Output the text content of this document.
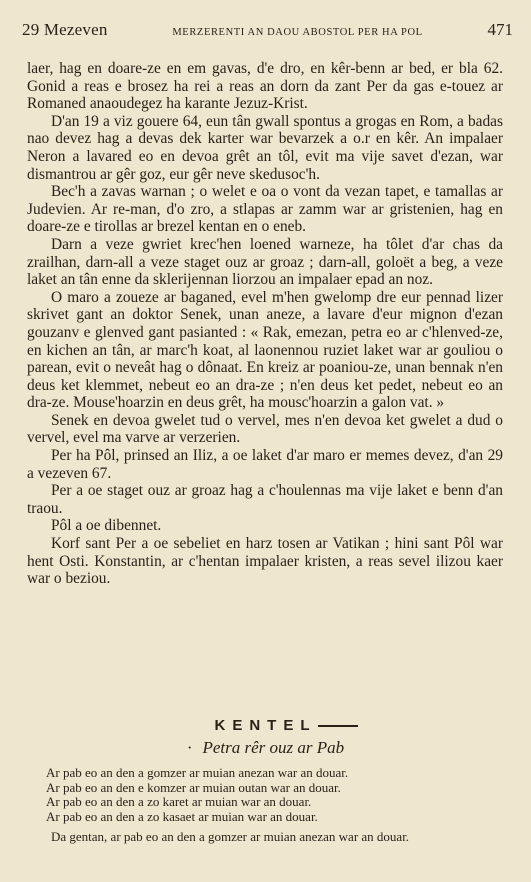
29 Mezeven	MERZERENTI AN DAOU ABOSTOL PER HA POL	471

laer, hag en doare-ze en em gavas, d'e dro, en kêr-benn ar bed, er bla 62. Gonid a reas e brosez ha rei a reas an dorn da zant Per da gas e-touez ar Romaned anaoudegez ha karante Jezuz-Krist.

D'an 19 a viz gouere 64, eun tân gwall spontus a grogas en Rom, a badas nao devez hag a devas dek karter war bevarzek a o.r en kêr. An impalaer Neron a lavared eo en devoa grêt an tôl, evit ma vije savet d'ezan, war dismantrou ar gêr goz, eur gêr neve skedusoc'h.

Bec'h a zavas warnan ; o welet e oa o vont da vezan tapet, e tamallas ar Judevien. Ar re-man, d'o zro, a stlapas ar zamm war ar gristenien, hag en doare-ze e tirollas ar brezel kentan en o eneb.

Darn a veze gwriet krec'hen loened warneze, ha tôlet d'ar chas da zrailhan, darn-all a veze staget ouz ar groaz ; darn-all, goloët a beg, a veze laket an tân enne da sklerijennan liorzou an impalaer epad an noz.

O maro a zoueze ar baganed, evel m'hen gwelomp dre eur pennad lizer skrivet gant an doktor Senek, unan aneze, a lavare d'eur mignon d'ezan gouzanv e glenved gant pasianted : « Rak, emezan, petra eo ar c'hlenved-ze, en kichen an tân, ar marc'h koat, al laonennou ruziet laket war ar gouliou o parean, evit o neveât hag o dônaat. En kreiz ar poaniou-ze, unan bennak n'en deus ket klemmet, nebeut eo an dra-ze ; n'en deus ket pedet, nebeut eo an dra-ze. Mouse'hoarzin en deus grêt, ha mousc'hoarzin a galon vat. »

Senek en devoa gwelet tud o vervel, mes n'en devoa ket gwelet a dud o vervel, evel ma varve ar verzerien.

Per ha Pôl, prinsed an Iliz, a oe laket d'ar maro er memes devez, d'an 29 a vezeven 67.

Per a oe staget ouz ar groaz hag a c'houlennas ma vije laket e benn d'an traou.

Pôl a oe dibennet.

Korf sant Per a oe sebeliet en harz tosen ar Vatikan ; hini sant Pôl war hent Osti. Konstantin, ar c'hentan impalaer kristen, a reas sevel ilizou kaer war o beziou.

KENTEL
· Petra rêr ouz ar Pab
Ar pab eo an den a gomzer ar muian anezan war an douar.
Ar pab eo an den e komzer ar muian outan war an douar.
Ar pab eo an den a zo karet ar muian war an douar.
Ar pab eo an den a zo kasaet ar muian war an douar.

Da gentan, ar pab eo an den a gomzer ar muian anezan war an douar.
